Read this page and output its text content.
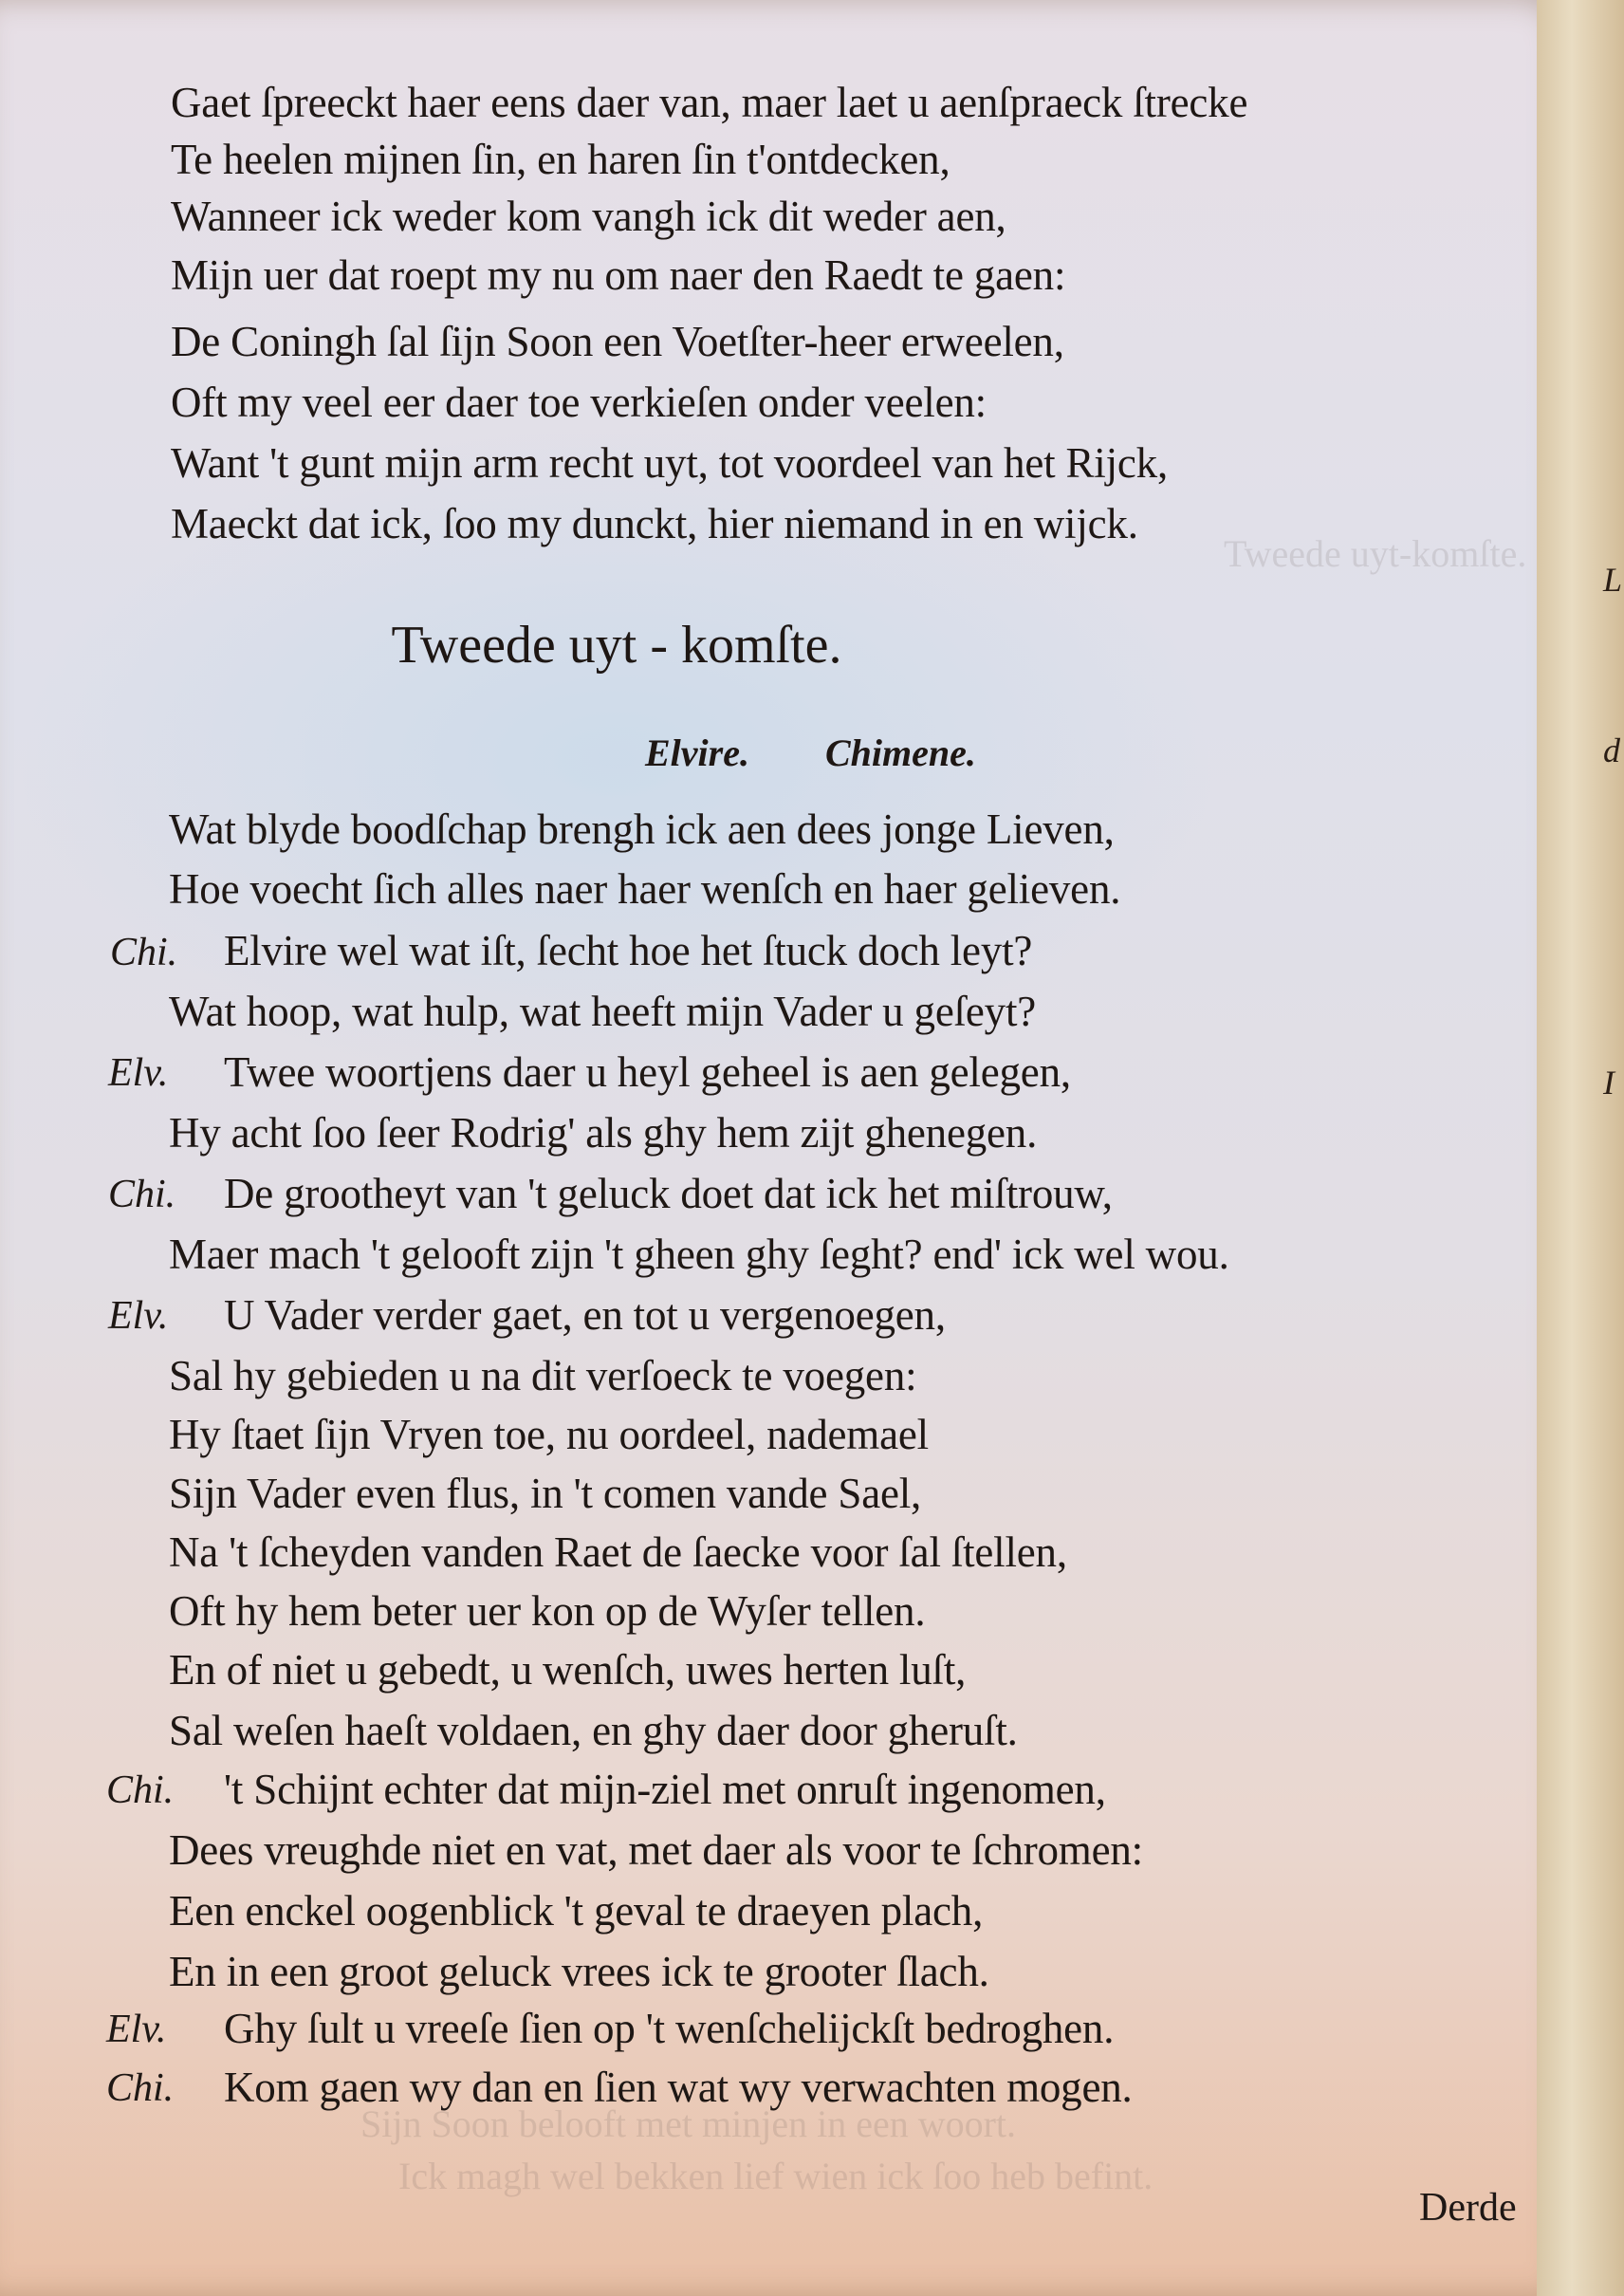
Tweede uyt-komſte.
Sijn Soon belooft met minjen in een woort.
Ick magh wel bekken lief wien ick ſoo heb befint.
Gaet ſpreeckt haer eens daer van, maer laet u aenſpraeck ſtrecke
Te heelen mijnen ſin, en haren ſin t'ontdecken,
Wanneer ick weder kom vangh ick dit weder aen,
Mijn uer dat roept my nu om naer den Raedt te gaen:
De Coningh ſal ſijn Soon een Voetſter-heer erweelen,
Oft my veel eer daer toe verkieſen onder veelen:
Want 't gunt mijn arm recht uyt, tot voordeel van het Rijck,
Maeckt dat ick, ſoo my dunckt, hier niemand in en wijck.
Tweede uyt - komſte.
Elvire. Chimene.
Wat blyde boodſchap brengh ick aen dees jonge Lieven,
Hoe voecht ſich alles naer haer wenſch en haer gelieven.
Chi. Elvire wel wat iſt, ſecht hoe het ſtuck doch leyt?
Wat hoop, wat hulp, wat heeft mijn Vader u geſeyt?
Elv. Twee woortjens daer u heyl geheel is aen gelegen,
Hy acht ſoo ſeer Rodrig' als ghy hem zijt ghenegen.
Chi. De grootheyt van 't geluck doet dat ick het miſtrouw,
Maer mach 't gelooft zijn 't gheen ghy ſeght? end' ick wel wou.
Elv. U Vader verder gaet, en tot u vergenoegen,
Sal hy gebieden u na dit verſoeck te voegen:
Hy ſtaet ſijn Vryen toe, nu oordeel, nademael
Sijn Vader even flus, in 't comen vande Sael,
Na 't ſcheyden vanden Raet de ſaecke voor ſal ſtellen,
Oft hy hem beter uer kon op de Wyſer tellen.
En of niet u gebedt, u wenſch, uwes herten luſt,
Sal weſen haeſt voldaen, en ghy daer door gheruſt.
Chi. 't Schijnt echter dat mijn-ziel met onruſt ingenomen,
Dees vreughde niet en vat, met daer als voor te ſchromen:
Een enckel oogenblick 't geval te draeyen plach,
En in een groot geluck vrees ick te grooter ſlach.
Elv. Ghy ſult u vreeſe ſien op 't wenſchelijckſt bedroghen.
Chi. Kom gaen wy dan en ſien wat wy verwachten mogen.
Derde
L
d
I
